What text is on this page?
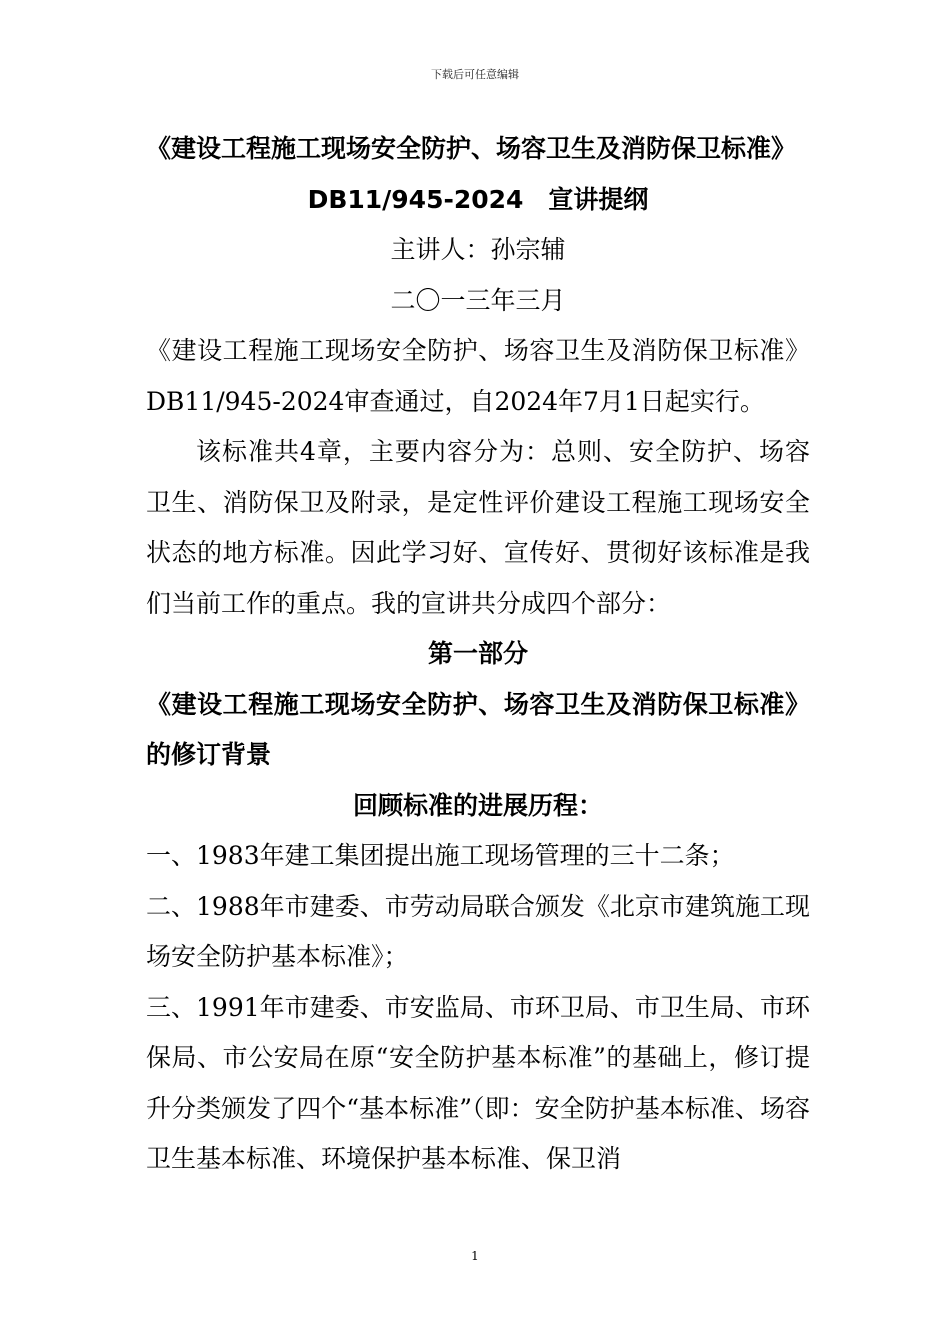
下载后可任意编辑

《建设工程施工现场安全防护、场容卫生及消防保卫标准》

DB11/945-2024　宣讲提纲

主讲人：孙宗辅

二〇一三年三月

《建设工程施工现场安全防护、场容卫生及消防保卫标准》DB11/945-2024审查通过，自2024年7月1日起实行。

该标准共4章，主要内容分为：总则、安全防护、场容卫生、消防保卫及附录，是定性评价建设工程施工现场安全状态的地方标准。因此学习好、宣传好、贯彻好该标准是我们当前工作的重点。我的宣讲共分成四个部分：

第一部分

《建设工程施工现场安全防护、场容卫生及消防保卫标准》的修订背景

回顾标准的进展历程：

一、1983年建工集团提出施工现场管理的三十二条；

二、1988年市建委、市劳动局联合颁发《北京市建筑施工现场安全防护基本标准》；

三、1991年市建委、市安监局、市环卫局、市卫生局、市环保局、市公安局在原“安全防护基本标准”的基础上，修订提升分类颁发了四个“基本标准”（即：安全防护基本标准、场容卫生基本标准、环境保护基本标准、保卫消

1
